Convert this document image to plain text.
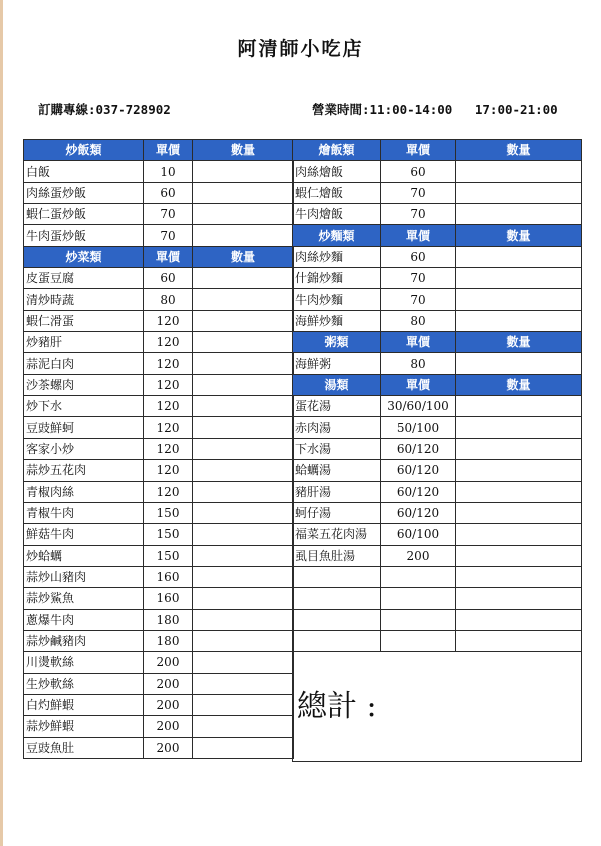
阿清師小吃店
訂購專線:037-728902	營業時間:11:00-14:00   17:00-21:00
炒飯類	單價	數量
白飯	10	
肉絲蛋炒飯	60	
蝦仁蛋炒飯	70	
牛肉蛋炒飯	70	
炒菜類	單價	數量
皮蛋豆腐	60	
清炒時蔬	80	
蝦仁滑蛋	120	
炒豬肝	120	
蒜泥白肉	120	
沙茶螺肉	120	
炒下水	120	
豆豉鮮蚵	120	
客家小炒	120	
蒜炒五花肉	120	
青椒肉絲	120	
青椒牛肉	150	
鮮菇牛肉	150	
炒蛤蠣	150	
蒜炒山豬肉	160	
蒜炒鯊魚	160	
蔥爆牛肉	180	
蒜炒鹹豬肉	180	
川燙軟絲	200	
生炒軟絲	200	
白灼鮮蝦	200	
蒜炒鮮蝦	200	
豆豉魚肚	200	
燴飯類	單價	數量
肉絲燴飯	60	
蝦仁燴飯	70	
牛肉燴飯	70	
炒麵類	單價	數量
肉絲炒麵	60	
什錦炒麵	70	
牛肉炒麵	70	
海鮮炒麵	80	
粥類	單價	數量
海鮮粥	80	
湯類	單價	數量
蛋花湯	30/60/100	
赤肉湯	50/100	
下水湯	60/120	
蛤蠣湯	60/120	
豬肝湯	60/120	
蚵仔湯	60/120	
福菜五花肉湯	60/100	
虱目魚肚湯	200	

總計 :		
